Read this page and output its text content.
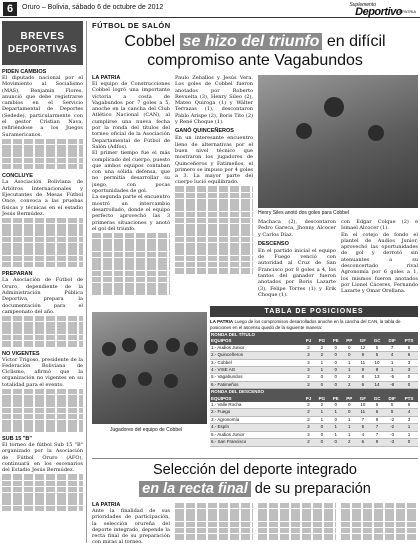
6	Oruro – Bolivia, sábado 6 de octubre de 2012	Suplemento
Deportivo
LA PATRIA
BREVES
DEPORTIVAS
PIDEN CAMBIOS

El diputado nacional por el Movimiento al Socialismo (MAS), Benjamín Flores, anunció que debe registrarse cambios en el Servicio Departamental de Deportes (Sedede), particularmente con el gestor Cristian Nava, refiriéndose a los Juegos Suramericanos.

CONCLUYE

La Asociación Boliviana de Árbitros Internacionales y Ejecutantes de Mesas Fútbol Once, convoca a las pruebas físicas y técnicas en el estadio Jesús Bermúdez.

PREPARAN

La Asociación de Fútbol de Oruro, dependiente de la Administración Pública Deportiva, prepara la documentación para el campeonato del año.

NO VIGENTES

Víctor Trigoso, presidente de la Federación Boliviana de Ciclismo, afirmó que la organización no vigentes en su totalidad para el evento.

SUB 15 "B"

El torneo de fútbol Sub 15 "B" organizado por la Asociación de Fútbol Oruro (AFO), continuará en los escenarios del Estadio Jesús Bermúdez.

FÚTBOL DE SALÓN
Cobbel se hizo del triunfo en difícil compromiso ante Vagabundos
LA PATRIA

El equipo de Construcciones Cobbel logró una importante victoria a costa de Vagabundos por 7 goles a 5, anoche en la cancha del Club Atlético Nacional (CAN), al cumplirse una nueva fecha por la ronda del títulos del torneo oficial de la Asociación Departamental de Fútbol de Salón (Adfos).

El primer tiempo fue el más complicado del cuerpo, puesto que ambos equipos contaban con una sólida defensa, que no permitía desarrollar su juego, con pocas oportunidades de gol.

La segunda parte el encuentro mostró un intercambio desarrollado, donde el equipo perfecto aprovechó las 3 primeras situaciones y anotó el gol del triunfo.

Paulo Zeballos y Jesús Vera. Los goles de Cobbel fueron anotados por Roberto Revuelta (3), Henry Sileo (2), Mateo Quiroga (1) y Wálter Terrazas (1), descontaron Pablo Arispe (2), Boris Tito (2) y René Choque (1).

GANÓ QUINCEÑEROS

En un interesante encuentro lleno de alternativas por el buen nivel técnico que mostraron los jugadores de Quinceñeros y Fatimeños, el primero se impuso por 4 goles a 3. La mayor parte del cuerpo lució equilibrado.

Jugadores del equipo de Cobbel
Henry Siles anotó dos goles para Cobbel

Machaca (2), descontaron Pedro Gareca, Jhonny Alcocer y Carlos Díaz.

DESCENSO

En el partido inicial el equipo de Fuego venció con autoridad al Cruz de San Francisco por 8 goles a 4, los tantos del ganador fueron anotados por Boris Lazarte (3), Felipe Torres (1) y Erik Choque (1).

con Edgar Colque (2) e Ismael Alcocer (1).

En el cotejo de fondo el plantel de Audios Junior, aprovechó las oportunidades de gol y derrotó sin atenuantes a su desconcertado rival Agronomía por 6 goles a 1, los mismos fueron anotados por Lionel Cáceres, Fernando Lazarte y Omar Orellana.

TABLA DE POSICIONES
LA PATRIA Luego de los compromisos desarrollados anoche en la cancha del CAN, la tabla de posiciones en el ascenso quedó de la siguiente manera:
RONDA DEL TÍTULO								
EQUIPOS	PJ	PG	PE	PP	GF	GC	DIF	PTS
1.- Audios Junior	2	2	0	0	12	5	7	6
2.- Quinceñeros	2	2	0	0	9	5	4	6
3.- Cobbel	2	1	0	1	11	10	1	3
4.- VISE AG	2	1	0	1	9	8	1	3
5.- Vagabundos	2	0	0	2	8	13	-5	0
6.- Fatimeños	2	0	0	2	6	14	-8	0
RONDA DEL DESCENSO								
EQUIPOS	PJ	PG	PE	PP	GF	GC	DIF	PTS
1.- Valle Rocha	2	2	0	0	10	5	5	6
2.- Fuego	2	1	1	0	11	6	5	4
3.- Agronomía	2	1	0	1	7	9	-2	3
4.- Espín	2	0	1	1	5	7	-2	1
5.- Audios Junior	2	0	1	1	4	7	-3	1
6.- San Francisco	2	0	0	2	6	9	-3	0
Selección del deporte integrado
en la recta final de su preparación
LA PATRIA

Ante la finalidad de sus prioridades de participación, la selección orureña del deporte integrado, depende la recta final de su preparación con miras al torneo.
